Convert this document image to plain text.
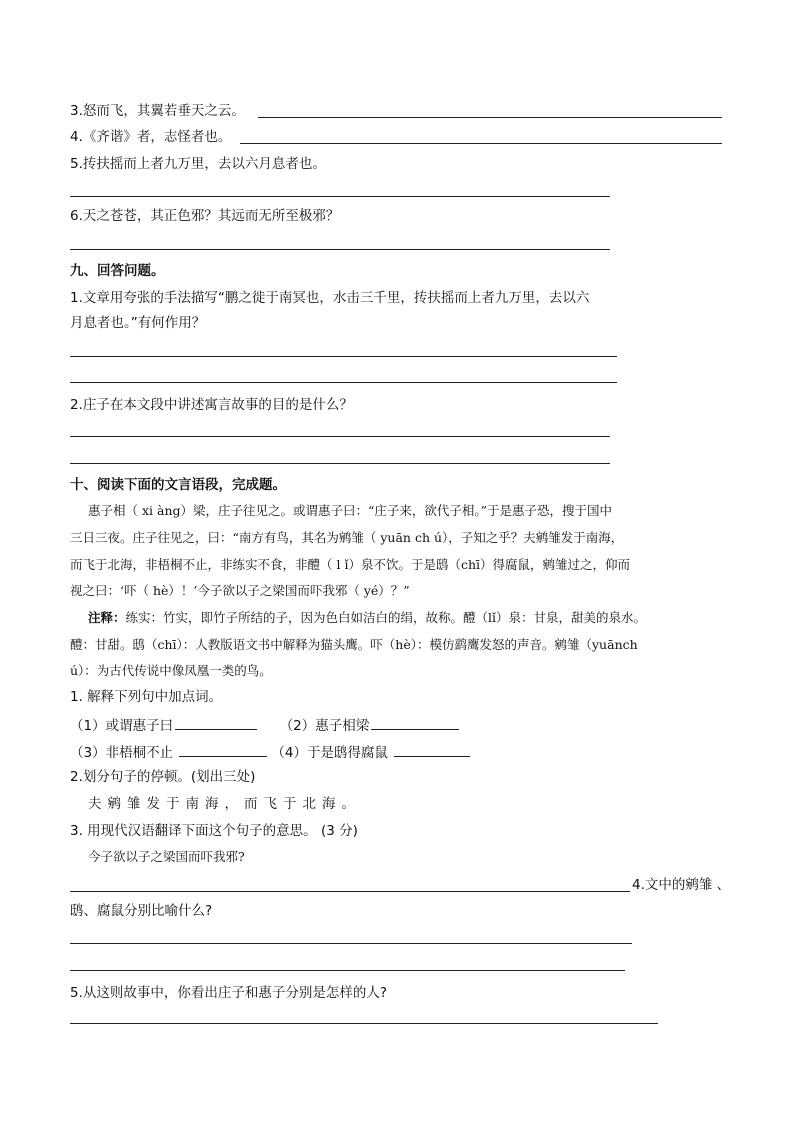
3.怒而飞，其翼若垂天之云。
4.《齐谐》者，志怪者也。
5.抟扶摇而上者九万里，去以六月息者也。
6.天之苍苍，其正色邪？其远而无所至极邪？
九、回答问题。
1.文章用夸张的手法描写“鹏之徙于南冥也，水击三千里，抟扶摇而上者九万里，去以六
月息者也。”有何作用？
2.庄子在本文段中讲述寓言故事的目的是什么？
十、阅读下面的文言语段，完成题。
惠子相（ xi àng）梁，庄子往见之。或谓惠子曰：“庄子来，欲代子相。”于是惠子恐，搜于国中
三日三夜。庄子往见之，曰：“南方有鸟，其名为鹓雏（ yuān ch ú），子知之乎？夫鹓雏发于南海，
而飞于北海，非梧桐不止，非练实不食，非醴（ l ǐ）泉不饮。于是鸱（chī）得腐鼠，鹓雏过之，仰而
视之曰：‘吓（ hè）！’今子欲以子之梁国而吓我邪（ yé）？”
注释：练实：竹实，即竹子所结的子，因为色白如洁白的绢，故称。醴（lǐ）泉：甘泉，甜美的泉水。
醴：甘甜。鸱（chī）：人教版语文书中解释为猫头鹰。吓（hè）：模仿鹞鹰发怒的声音。鹓雏（yuānch
ú）：为古代传说中像凤凰一类的鸟。
1. 解释下列句中加点词。
（1）或谓惠子曰	（2）惠子相梁
（3）非梧桐不止	（4）于是鸱得腐鼠
2.划分句子的停顿。(划出三处)
夫鹓雏发于南海，而飞于北海。
3. 用现代汉语翻译下面这个句子的意思。 (3 分)
今子欲以子之梁国而吓我邪?
4.文中的鹓雏 、
鸱、腐鼠分别比喻什么?
5.从这则故事中，你看出庄子和惠子分别是怎样的人?
